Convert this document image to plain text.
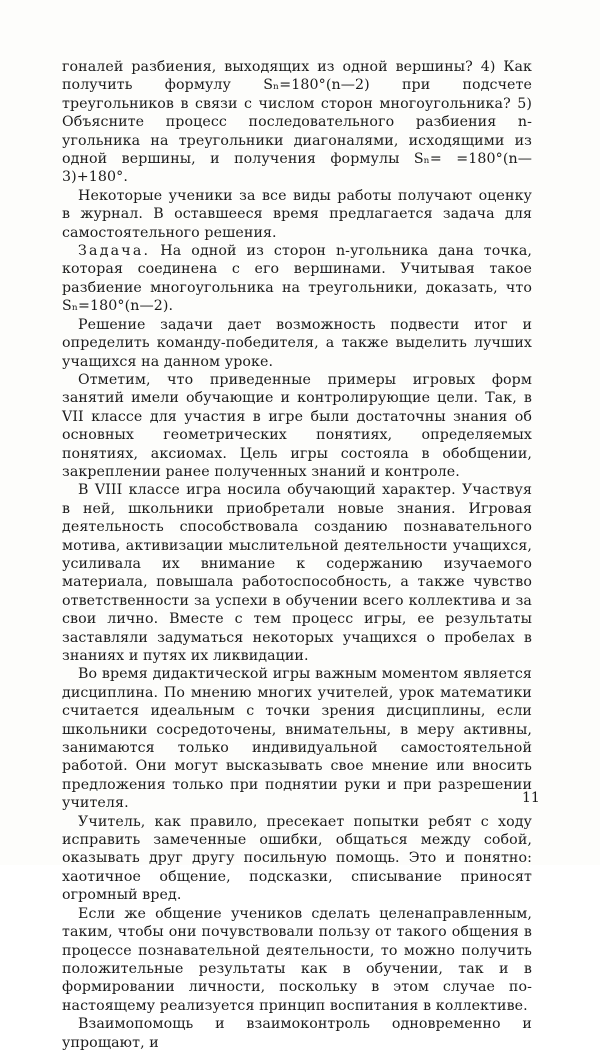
гоналей разбиения, выходящих из одной вершины? 4) Как получить формулу Sₙ=180°(n—2) при подсчете треугольников в связи с числом сторон многоугольника? 5) Объясните процесс последовательного разбиения n-угольника на треугольники диагоналями, исходящими из одной вершины, и получения формулы Sₙ= =180°(n—3)+180°.

Некоторые ученики за все виды работы получают оценку в журнал. В оставшееся время предлагается задача для самостоятельного решения.

Задача. На одной из сторон n-угольника дана точка, которая соединена с его вершинами. Учитывая такое разбиение многоугольника на треугольники, доказать, что Sₙ=180°(n—2).

Решение задачи дает возможность подвести итог и определить команду-победителя, а также выделить лучших учащихся на данном уроке.

Отметим, что приведенные примеры игровых форм занятий имели обучающие и контролирующие цели. Так, в VII классе для участия в игре были достаточны знания об основных геометрических понятиях, определяемых понятиях, аксиомах. Цель игры состояла в обобщении, закреплении ранее полученных знаний и контроле.

В VIII классе игра носила обучающий характер. Участвуя в ней, школьники приобретали новые знания. Игровая деятельность способствовала созданию познавательного мотива, активизации мыслительной деятельности учащихся, усиливала их внимание к содержанию изучаемого материала, повышала работоспособность, а также чувство ответственности за успехи в обучении всего коллектива и за свои лично. Вместе с тем процесс игры, ее результаты заставляли задуматься некоторых учащихся о пробелах в знаниях и путях их ликвидации.

Во время дидактической игры важным моментом является дисциплина. По мнению многих учителей, урок математики считается идеальным с точки зрения дисциплины, если школьники сосредоточены, внимательны, в меру активны, занимаются только индивидуальной самостоятельной работой. Они могут высказывать свое мнение или вносить предложения только при поднятии руки и при разрешении учителя.

Учитель, как правило, пресекает попытки ребят с ходу исправить замеченные ошибки, общаться между собой, оказывать друг другу посильную помощь. Это и понятно: хаотичное общение, подсказки, списывание приносят огромный вред.

Если же общение учеников сделать целенаправленным, таким, чтобы они почувствовали пользу от такого общения в процессе познавательной деятельности, то можно получить положительные результаты как в обучении, так и в формировании личности, поскольку в этом случае по-настоящему реализуется принцип воспитания в коллективе.

Взаимопомощь и взаимоконтроль одновременно и упрощают, и

11
